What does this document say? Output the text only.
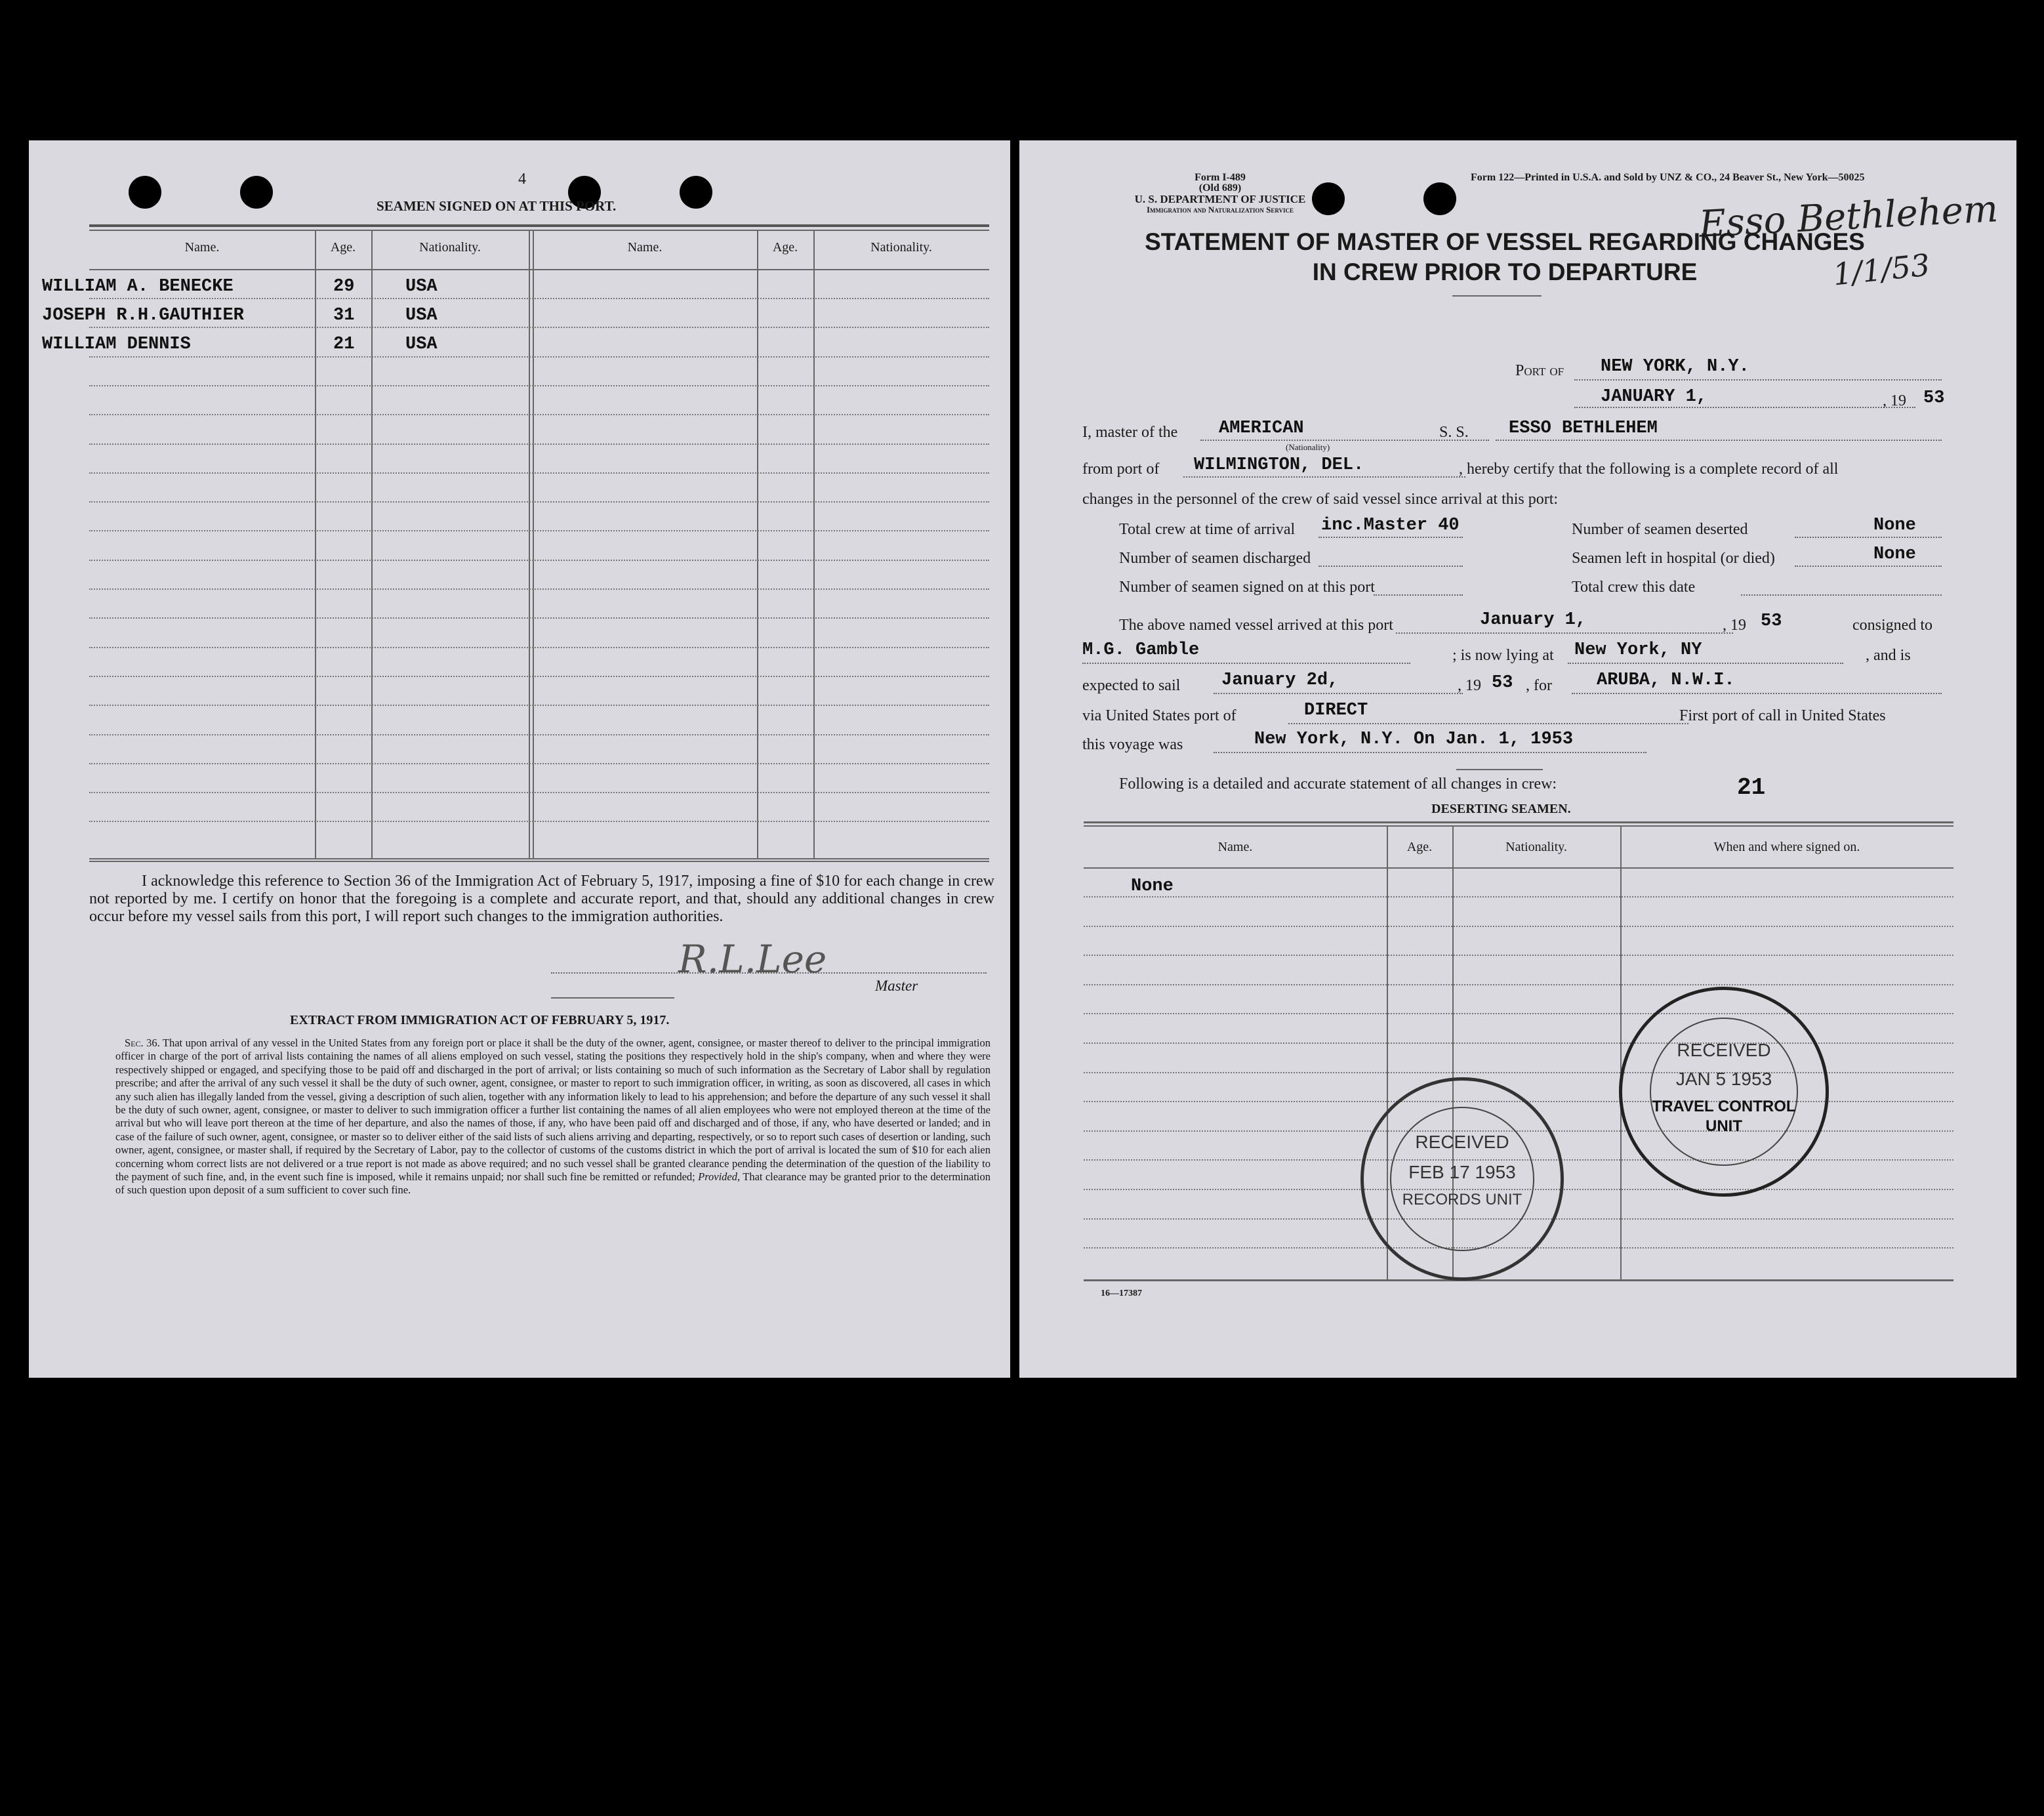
4
SEAMEN SIGNED ON AT THIS PORT.
Name.	Age.	Nationality.	Name.	Age.	Nationality.
WILLIAM A. BENECKE	29	USA
JOSEPH R.H.GAUTHIER	31	USA
WILLIAM DENNIS	21	USA
I acknowledge this reference to Section 36 of the Immigration Act of February 5, 1917, imposing a fine of $10 for each change in crew not reported by me. I certify on honor that the foregoing is a complete and accurate report, and that, should any additional changes in crew occur before my vessel sails from this port, I will report such changes to the immigration authorities.
R.L.Lee
Master
EXTRACT FROM IMMIGRATION ACT OF FEBRUARY 5, 1917.
Sec. 36. That upon arrival of any vessel in the United States from any foreign port or place it shall be the duty of the owner, agent, consignee, or master thereof to deliver to the principal immigration officer in charge of the port of arrival lists containing the names of all aliens employed on such vessel, stating the positions they respectively hold in the ship's company, when and where they were respectively shipped or engaged, and specifying those to be paid off and discharged in the port of arrival; or lists containing so much of such information as the Secretary of Labor shall by regulation prescribe; and after the arrival of any such vessel it shall be the duty of such owner, agent, consignee, or master to report to such immigration officer, in writing, as soon as discovered, all cases in which any such alien has illegally landed from the vessel, giving a description of such alien, together with any information likely to lead to his apprehension; and before the departure of any such vessel it shall be the duty of such owner, agent, consignee, or master to deliver to such immigration officer a further list containing the names of all alien employees who were not employed thereon at the time of the arrival but who will leave port thereon at the time of her departure, and also the names of those, if any, who have been paid off and discharged and of those, if any, who have deserted or landed; and in case of the failure of such owner, agent, consignee, or master so to deliver either of the said lists of such aliens arriving and departing, respectively, or so to report such cases of desertion or landing, such owner, agent, consignee, or master shall, if required by the Secretary of Labor, pay to the collector of customs of the customs district in which the port of arrival is located the sum of $10 for each alien concerning whom correct lists are not delivered or a true report is not made as above required; and no such vessel shall be granted clearance pending the determination of the question of the liability to the payment of such fine, and, in the event such fine is imposed, while it remains unpaid; nor shall such fine be remitted or refunded; Provided, That clearance may be granted prior to the determination of such question upon deposit of a sum sufficient to cover such fine.
Form I-489
(Old 689)
U. S. DEPARTMENT OF JUSTICE
Immigration and Naturalization Service
Form 122—Printed in U.S.A. and Sold by UNZ & CO., 24 Beaver St., New York—50025
Esso Bethlehem
1/1/53
STATEMENT OF MASTER OF VESSEL REGARDING CHANGES
IN CREW PRIOR TO DEPARTURE
Port of NEW YORK, N.Y.
JANUARY 1,	, 19 53
I, master of the AMERICAN
(Nationality)
S. S. ESSO BETHLEHEM
from port of WILMINGTON, DEL.	, hereby certify that the following is a complete record of all
changes in the personnel of the crew of said vessel since arrival at this port:
Total crew at time of arrival inc.Master 40	Number of seamen deserted	None
Number of seamen discharged	Seamen left in hospital (or died)	None
Number of seamen signed on at this port	Total crew this date
The above named vessel arrived at this port	January 1,	, 19 53	consigned to
M.G. Gamble	; is now lying at New York, NY	, and is
expected to sail January 2d,	, 19 53 , for	ARUBA, N.W.I.
via United States port of	DIRECT	First port of call in United States
this voyage was	New York, N.Y. On Jan. 1, 1953
Following is a detailed and accurate statement of all changes in crew:	21
DESERTING SEAMEN.
Name.	Age.	Nationality.	When and where signed on.
None
RECEIVED
FEB 17 1953
RECORDS UNIT
RECEIVED
JAN 5 1953
TRAVEL CONTROL
UNIT
16—17387
